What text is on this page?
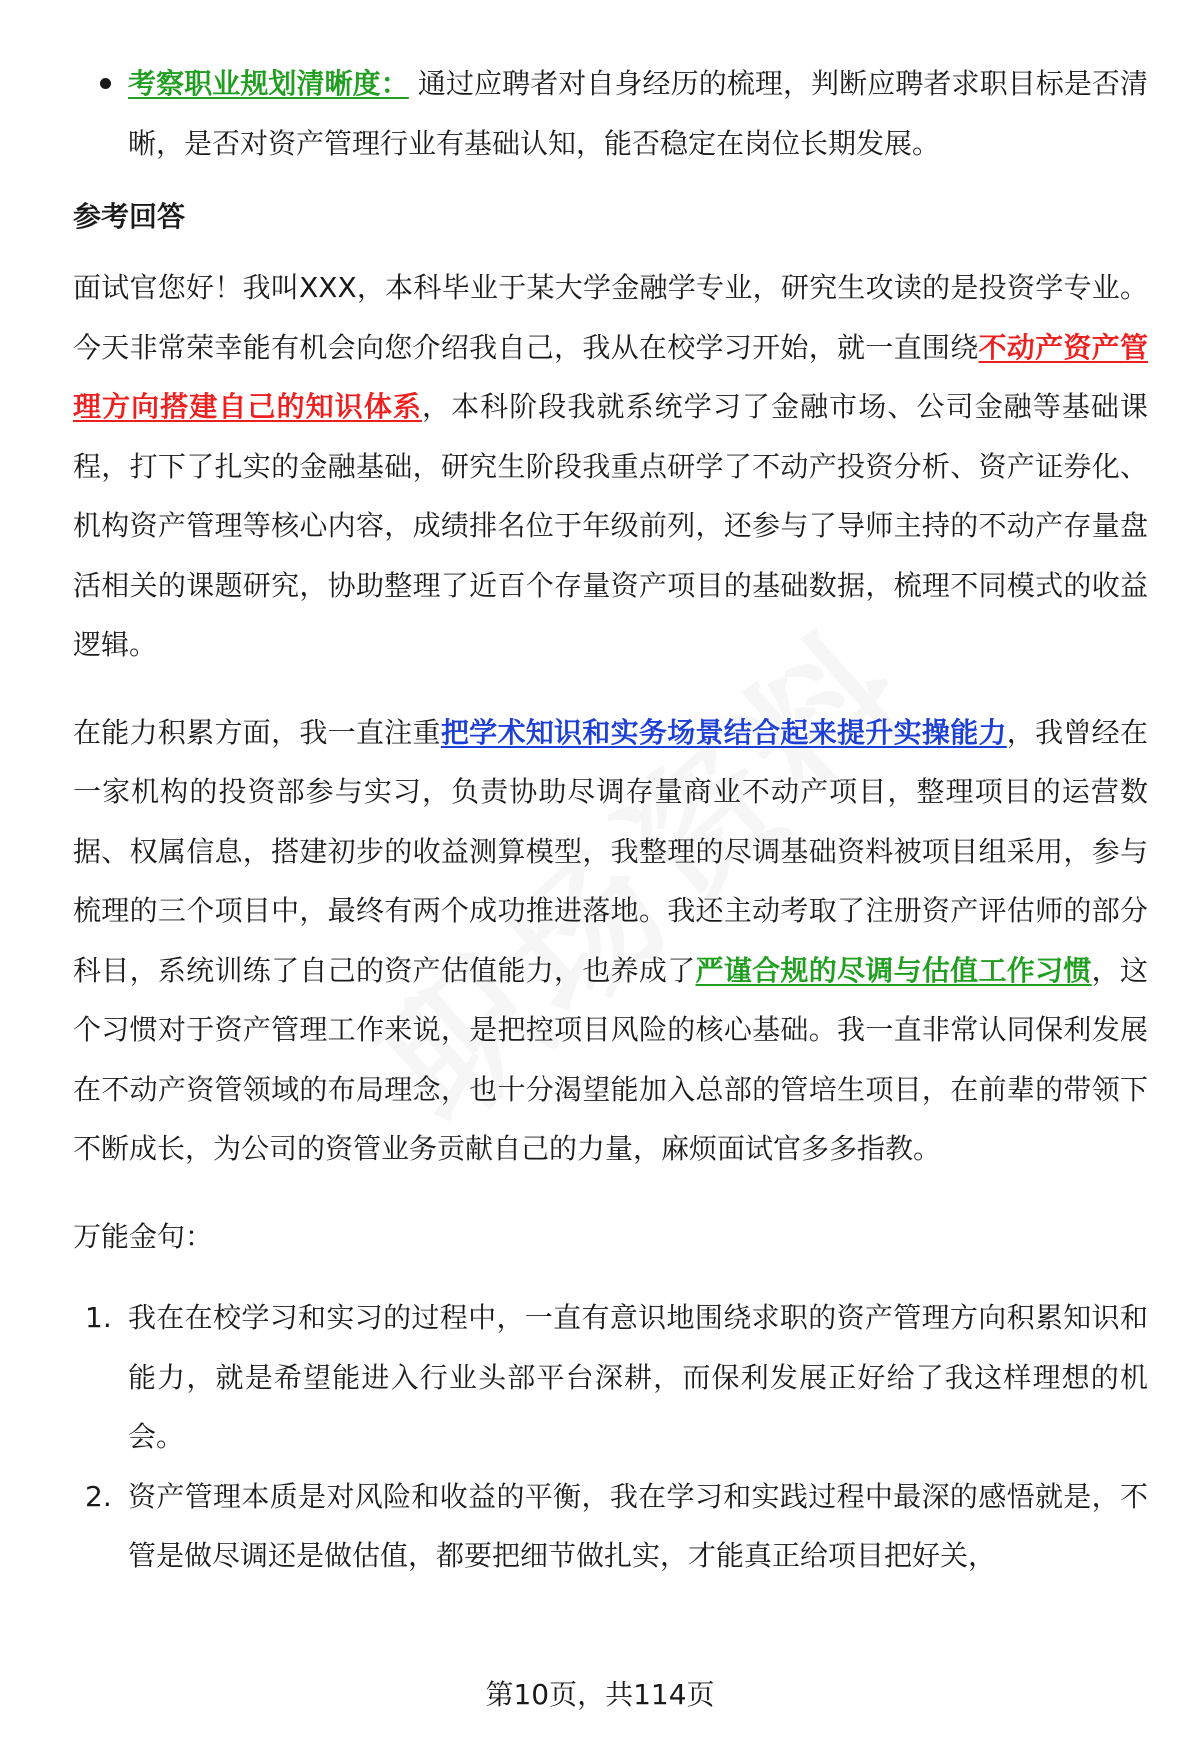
考察职业规划清晰度： 通过应聘者对自身经历的梳理，判断应聘者求职目标是否清晰，是否对资产管理行业有基础认知，能否稳定在岗位长期发展。

参考回答

面试官您好！我叫XXX，本科毕业于某大学金融学专业，研究生攻读的是投资学专业。今天非常荣幸能有机会向您介绍我自己，我从在校学习开始，就一直围绕不动产资产管理方向搭建自己的知识体系，本科阶段我就系统学习了金融市场、公司金融等基础课程，打下了扎实的金融基础，研究生阶段我重点研学了不动产投资分析、资产证券化、机构资产管理等核心内容，成绩排名位于年级前列，还参与了导师主持的不动产存量盘活相关的课题研究，协助整理了近百个存量资产项目的基础数据，梳理不同模式的收益逻辑。

在能力积累方面，我一直注重把学术知识和实务场景结合起来提升实操能力，我曾经在一家机构的投资部参与实习，负责协助尽调存量商业不动产项目，整理项目的运营数据、权属信息，搭建初步的收益测算模型，我整理的尽调基础资料被项目组采用，参与梳理的三个项目中，最终有两个成功推进落地。我还主动考取了注册资产评估师的部分科目，系统训练了自己的资产估值能力，也养成了严谨合规的尽调与估值工作习惯，这个习惯对于资产管理工作来说，是把控项目风险的核心基础。我一直非常认同保利发展在不动产资管领域的布局理念，也十分渴望能加入总部的管培生项目，在前辈的带领下不断成长，为公司的资管业务贡献自己的力量，麻烦面试官多多指教。

万能金句：

1. 我在在校学习和实习的过程中，一直有意识地围绕求职的资产管理方向积累知识和能力，就是希望能进入行业头部平台深耕，而保利发展正好给了我这样理想的机会。

2. 资产管理本质是对风险和收益的平衡，我在学习和实践过程中最深的感悟就是，不管是做尽调还是做估值，都要把细节做扎实，才能真正给项目把好关，

第10页，共114页
